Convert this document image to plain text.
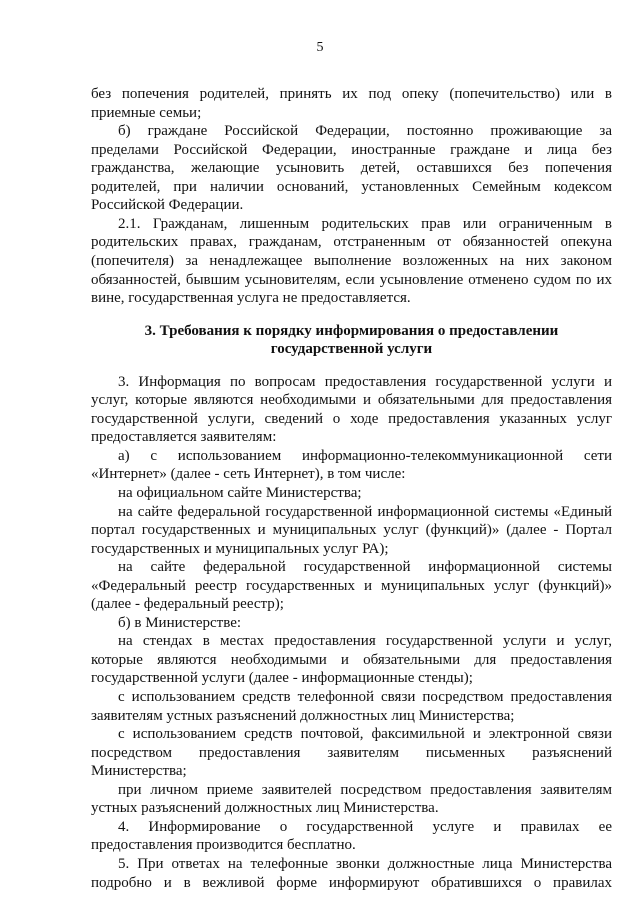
5
без попечения родителей, принять их под опеку (попечительство) или в
приемные семьи;
б) граждане Российской Федерации, постоянно проживающие за
пределами Российской Федерации, иностранные граждане и лица без
гражданства, желающие усыновить детей, оставшихся без попечения
родителей, при наличии оснований, установленных Семейным кодексом
Российской Федерации.
2.1. Гражданам, лишенным родительских прав или ограниченным в
родительских правах, гражданам, отстраненным от обязанностей опекуна
(попечителя) за ненадлежащее выполнение возложенных на них законом
обязанностей, бывшим усыновителям, если усыновление отменено судом по их
вине, государственная услуга не предоставляется.
3. Требования к порядку информирования о предоставлении
государственной услуги
3. Информация по вопросам предоставления государственной услуги и
услуг, которые являются необходимыми и обязательными для предоставления
государственной услуги, сведений о ходе предоставления указанных услуг
предоставляется заявителям:
а) с использованием информационно-телекоммуникационной сети
«Интернет» (далее - сеть Интернет), в том числе:
на официальном сайте Министерства;
на сайте федеральной государственной информационной системы «Единый
портал государственных и муниципальных услуг (функций)» (далее - Портал
государственных и муниципальных услуг РА);
на сайте федеральной государственной информационной системы
«Федеральный реестр государственных и муниципальных услуг (функций)»
(далее - федеральный реестр);
б) в Министерстве:
на стендах в местах предоставления государственной услуги и услуг,
которые являются необходимыми и обязательными для предоставления
государственной услуги (далее - информационные стенды);
с использованием средств телефонной связи посредством предоставления
заявителям устных разъяснений должностных лиц Министерства;
с использованием средств почтовой, факсимильной и электронной связи
посредством предоставления заявителям письменных разъяснений
Министерства;
при личном приеме заявителей посредством предоставления заявителям
устных разъяснений должностных лиц Министерства.
4. Информирование о государственной услуге и правилах ее
предоставления производится бесплатно.
5. При ответах на телефонные звонки должностные лица Министерства
подробно и в вежливой форме информируют обратившихся о правилах
